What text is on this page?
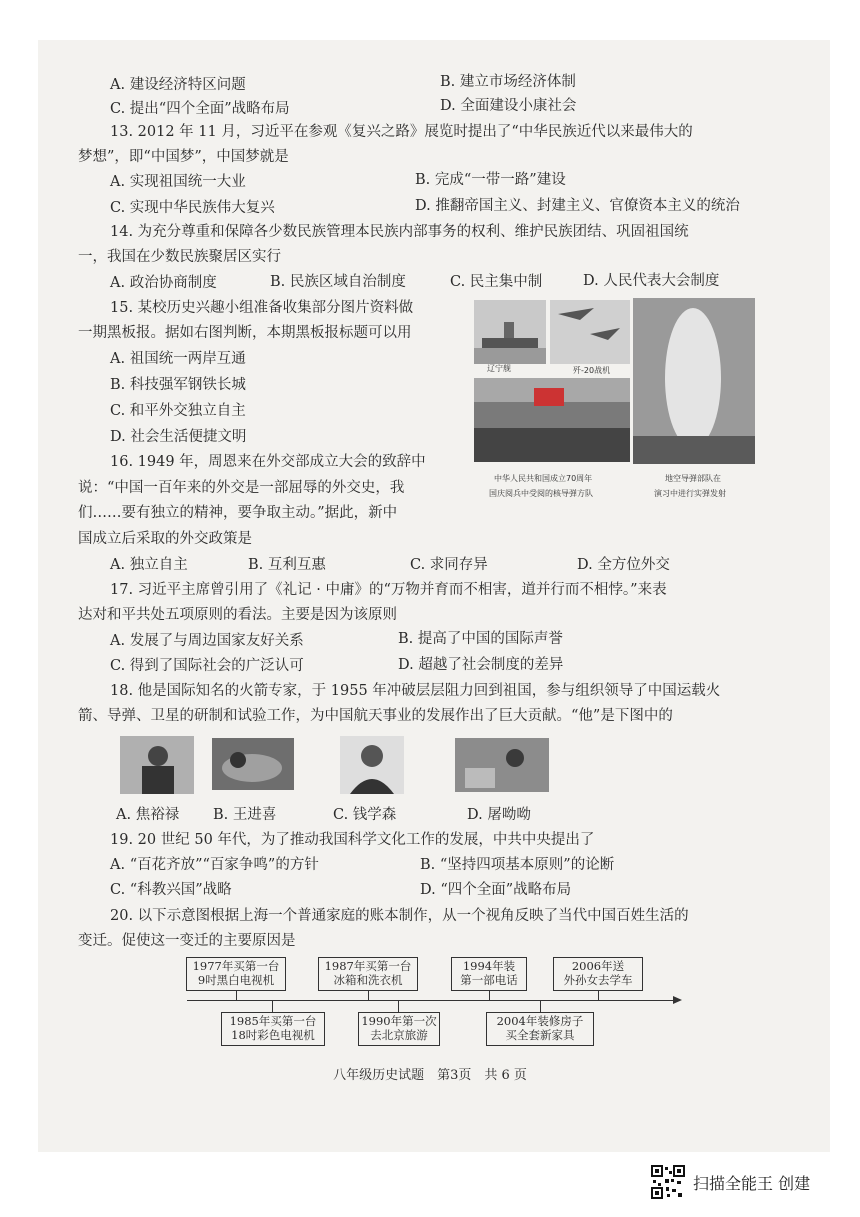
A. 建设经济特区问题	B. 建立市场经济体制
C. 提出“四个全面”战略布局	D. 全面建设小康社会
13. 2012 年 11 月，习近平在参观《复兴之路》展览时提出了“中华民族近代以来最伟大的
梦想”，即“中国梦”，中国梦就是
A. 实现祖国统一大业	B. 完成“一带一路”建设
C. 实现中华民族伟大复兴	D. 推翻帝国主义、封建主义、官僚资本主义的统治
14. 为充分尊重和保障各少数民族管理本民族内部事务的权利、维护民族团结、巩固祖国统
一，我国在少数民族聚居区实行
A. 政治协商制度	B. 民族区域自治制度	C. 民主集中制	D. 人民代表大会制度
15. 某校历史兴趣小组准备收集部分图片资料做
一期黑板报。据如右图判断，本期黑板报标题可以用
A. 祖国统一两岸互通
B. 科技强军钢铁长城
C. 和平外交独立自主
D. 社会生活便捷文明
辽宁舰	歼-20战机
中华人民共和国成立70周年
国庆阅兵中受阅的核导弹方队
地空导弹部队在
演习中进行实弹发射
16. 1949 年，周恩来在外交部成立大会的致辞中
说：“中国一百年来的外交是一部屈辱的外交史，我
们……要有独立的精神，要争取主动。”据此，新中
国成立后采取的外交政策是
A. 独立自主	B. 互利互惠	C. 求同存异	D. 全方位外交
17. 习近平主席曾引用了《礼记 · 中庸》的“万物并育而不相害，道并行而不相悖。”来表
达对和平共处五项原则的看法。主要是因为该原则
A. 发展了与周边国家友好关系	B. 提高了中国的国际声誉
C. 得到了国际社会的广泛认可	D. 超越了社会制度的差异
18. 他是国际知名的火箭专家，于 1955 年冲破层层阻力回到祖国，参与组织领导了中国运载火
箭、导弹、卫星的研制和试验工作，为中国航天事业的发展作出了巨大贡献。“他”是下图中的
A. 焦裕禄 B. 王进喜	C. 钱学森	D. 屠呦呦
19. 20 世纪 50 年代，为了推动我国科学文化工作的发展，中共中央提出了
A. “百花齐放”“百家争鸣”的方针	B. “坚持四项基本原则”的论断
C. “科教兴国”战略	D. “四个全面”战略布局
20. 以下示意图根据上海一个普通家庭的账本制作，从一个视角反映了当代中国百姓生活的
变迁。促使这一变迁的主要原因是
1977年买第一台
9吋黑白电视机
1987年买第一台
冰箱和洗衣机
1994年装
第一部电话
2006年送
外孙女去学车
1985年买第一台
18吋彩色电视机
1990年第一次
去北京旅游
2004年装修房子
买全套新家具
八年级历史试题　第3页　共 6 页
扫描全能王 创建
